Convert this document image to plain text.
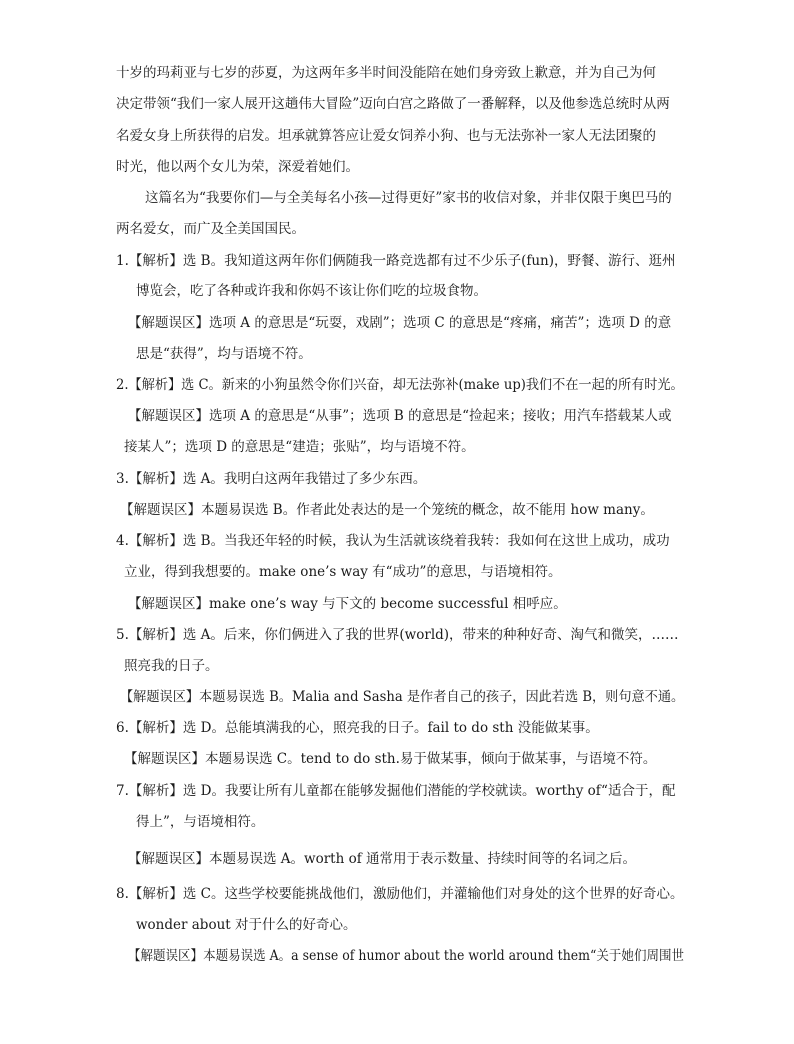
十岁的玛莉亚与七岁的莎夏，为这两年多半时间没能陪在她们身旁致上歉意，并为自己为何
决定带领“我们一家人展开这趟伟大冒险”迈向白宫之路做了一番解释，以及他参选总统时从两
名爱女身上所获得的启发。坦承就算答应让爱女饲养小狗、也与无法弥补一家人无法团聚的
时光，他以两个女儿为荣，深爱着她们。
这篇名为“我要你们—与全美每名小孩—过得更好”家书的收信对象，并非仅限于奥巴马的
两名爱女，而广及全美国国民。
1.【解析】选 B。我知道这两年你们俩随我一路竞选都有过不少乐子(fun)，野餐、游行、逛州
博览会，吃了各种或许我和你妈不该让你们吃的垃圾食物。
【解题误区】选项 A 的意思是“玩耍，戏剧”；选项 C 的意思是“疼痛，痛苦”；选项 D 的意
思是“获得”，均与语境不符。
2.【解析】选 C。新来的小狗虽然令你们兴奋，却无法弥补(make up)我们不在一起的所有时光。
【解题误区】选项 A 的意思是“从事”；选项 B 的意思是“捡起来；接收；用汽车搭载某人或
接某人”；选项 D 的意思是“建造；张贴”，均与语境不符。
3.【解析】选 A。我明白这两年我错过了多少东西。
【解题误区】本题易误选 B。作者此处表达的是一个笼统的概念，故不能用 how many。
4.【解析】选 B。当我还年轻的时候，我认为生活就该绕着我转：我如何在这世上成功，成功
立业，得到我想要的。make one’s way 有“成功”的意思，与语境相符。
【解题误区】make one’s way 与下文的 become successful 相呼应。
5.【解析】选 A。后来，你们俩进入了我的世界(world)，带来的种种好奇、淘气和微笑，……
照亮我的日子。
【解题误区】本题易误选 B。Malia and Sasha 是作者自己的孩子，因此若选 B，则句意不通。
6.【解析】选 D。总能填满我的心，照亮我的日子。fail to do sth 没能做某事。
【解题误区】本题易误选 C。tend to do sth.易于做某事，倾向于做某事，与语境不符。
7.【解析】选 D。我要让所有儿童都在能够发掘他们潜能的学校就读。worthy of“适合于，配
得上”，与语境相符。
【解题误区】本题易误选 A。worth of 通常用于表示数量、持续时间等的名词之后。
8.【解析】选 C。这些学校要能挑战他们，激励他们，并灌输他们对身处的这个世界的好奇心。
wonder about 对于什么的好奇心。
【解题误区】本题易误选 A。a sense of humor about the world around them“关于她们周围世
